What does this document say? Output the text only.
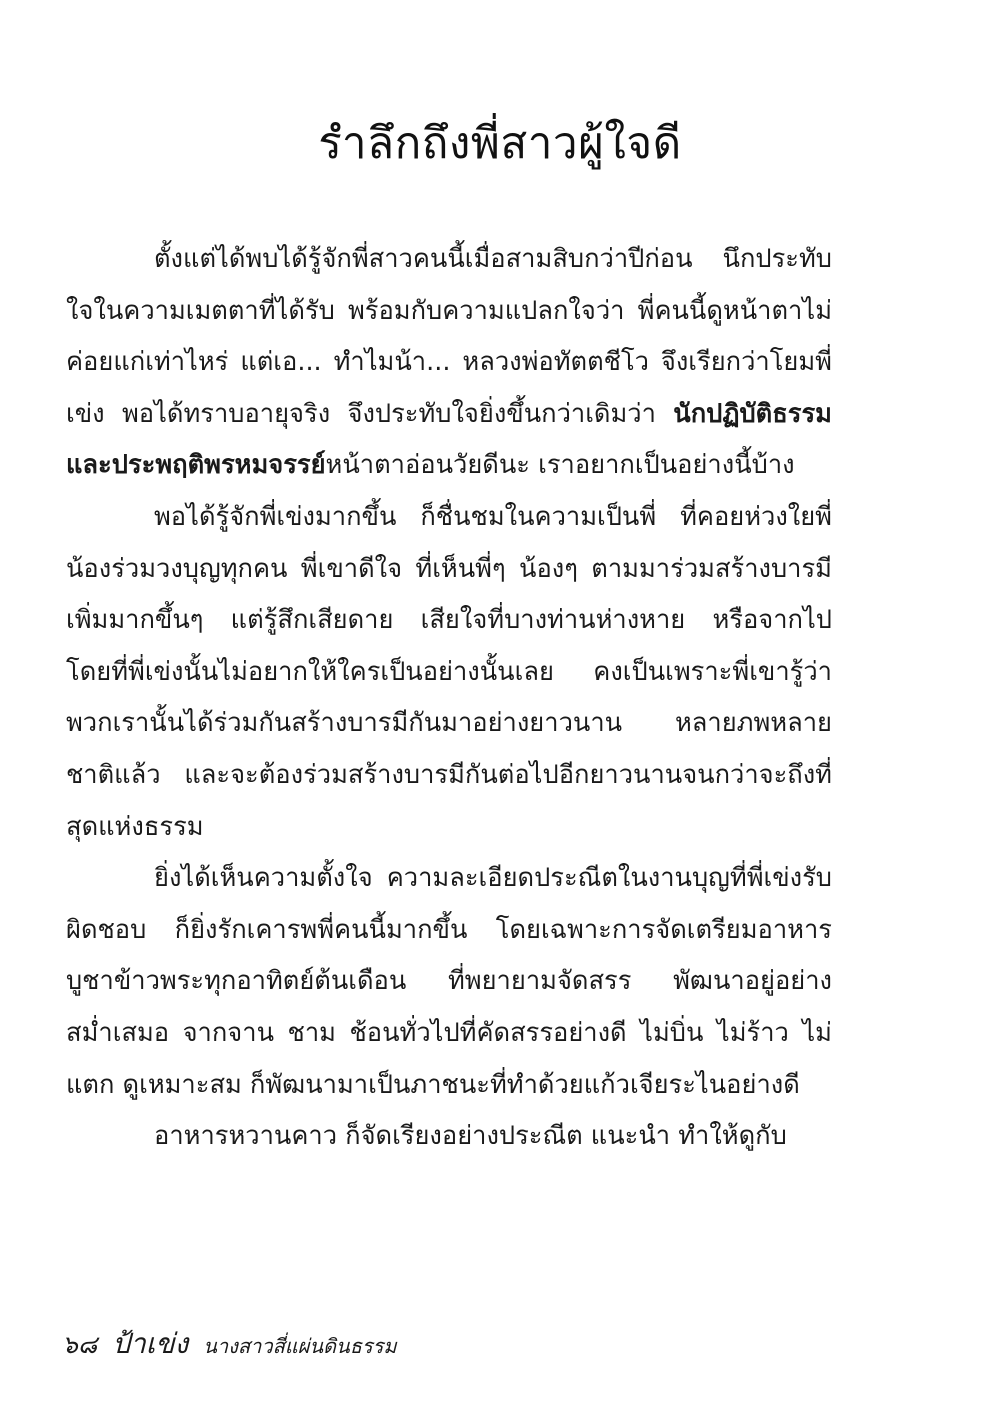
รำลึกถึงพี่สาวผู้ใจดี

ตั้งแต่ได้พบได้รู้จักพี่สาวคนนี้เมื่อสามสิบกว่าปีก่อน นึกประทับใจในความเมตตาที่ได้รับ พร้อมกับความแปลกใจว่า พี่คนนี้ดูหน้าตาไม่ค่อยแก่เท่าไหร่ แต่เอ... ทำไมน้า... หลวงพ่อทัตตชีโว จึงเรียกว่าโยมพี่เข่ง พอได้ทราบอายุจริง จึงประทับใจยิ่งขึ้นกว่าเดิมว่า นักปฏิบัติธรรม และประพฤติพรหมจรรย์หน้าตาอ่อนวัยดีนะ เราอยากเป็นอย่างนี้บ้าง

พอได้รู้จักพี่เข่งมากขึ้น ก็ชื่นชมในความเป็นพี่ ที่คอยห่วงใยพี่น้องร่วมวงบุญทุกคน พี่เขาดีใจ ที่เห็นพี่ๆ น้องๆ ตามมาร่วมสร้างบารมีเพิ่มมากขึ้นๆ แต่รู้สึกเสียดาย เสียใจที่บางท่านห่างหาย หรือจากไป โดยที่พี่เข่งนั้นไม่อยากให้ใครเป็นอย่างนั้นเลย คงเป็นเพราะพี่เขารู้ว่า พวกเรานั้นได้ร่วมกันสร้างบารมีกันมาอย่างยาวนาน หลายภพหลายชาติแล้ว และจะต้องร่วมสร้างบารมีกันต่อไปอีกยาวนานจนกว่าจะถึงที่สุดแห่งธรรม

ยิ่งได้เห็นความตั้งใจ ความละเอียดประณีตในงานบุญที่พี่เข่งรับผิดชอบ ก็ยิ่งรักเคารพพี่คนนี้มากขึ้น โดยเฉพาะการจัดเตรียมอาหารบูชาข้าวพระทุกอาทิตย์ต้นเดือน ที่พยายามจัดสรร พัฒนาอยู่อย่างสม่ำเสมอ จากจาน ชาม ช้อนทั่วไปที่คัดสรรอย่างดี ไม่บิ่น ไม่ร้าว ไม่แตก ดูเหมาะสม ก็พัฒนามาเป็นภาชนะที่ทำด้วยแก้วเจียระไนอย่างดี

อาหารหวานคาว ก็จัดเรียงอย่างประณีต แนะนำ ทำให้ดูกับ

๖๘ ป้าเข่ง นางสาวสี่แผ่นดินธรรม
